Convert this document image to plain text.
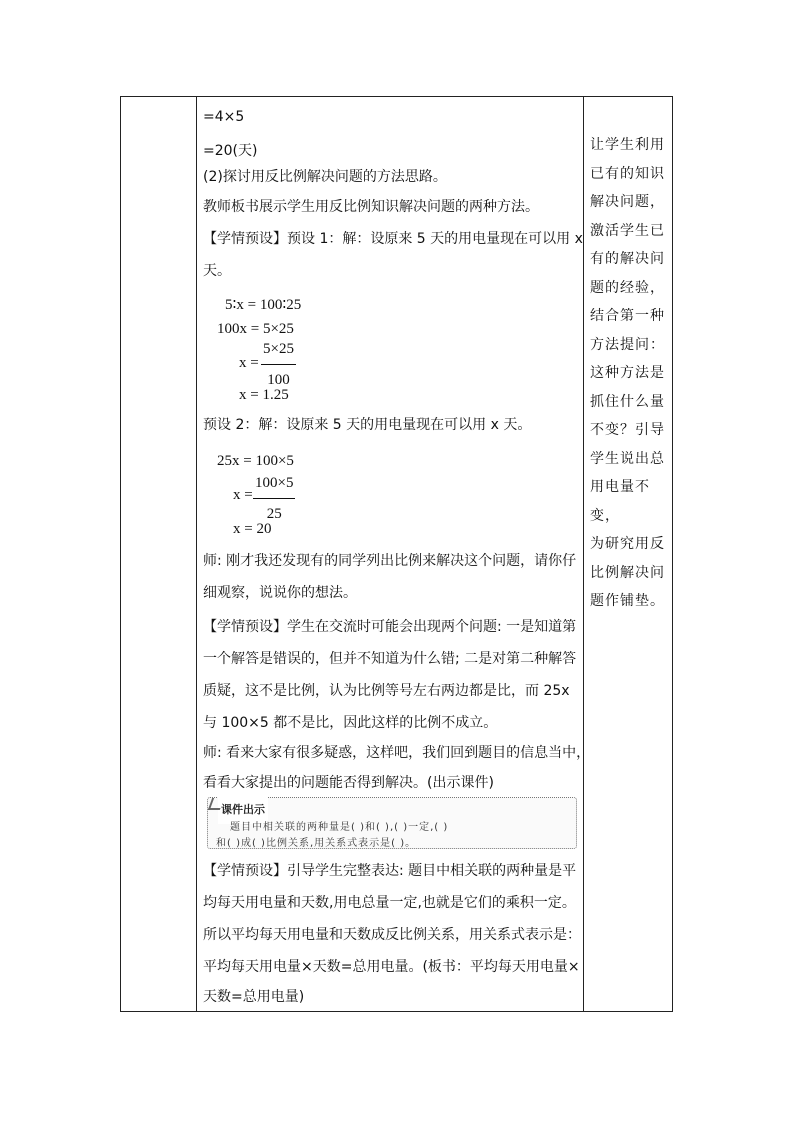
=4×5
=20(天)
(2)探讨用反比例解决问题的方法思路。
教师板书展示学生用反比例知识解决问题的两种方法。
【学情预设】预设 1：解：设原来 5 天的用电量现在可以用 x
天。
5∶x = 100∶25
100x = 5×25
x =
5×25
100
x = 1.25
预设 2：解：设原来 5 天的用电量现在可以用 x 天。
25x = 100×5
x =
100×5
25
x = 20
师: 刚才我还发现有的同学列出比例来解决这个问题，请你仔
细观察，说说你的想法。
【学情预设】学生在交流时可能会出现两个问题: 一是知道第
一个解答是错误的，但并不知道为什么错; 二是对第二种解答
质疑，这不是比例，认为比例等号左右两边都是比，而 25x
与 100×5 都不是比，因此这样的比例不成立。
师: 看来大家有很多疑惑，这样吧，我们回到题目的信息当中，
看看大家提出的问题能否得到解决。(出示课件)
课件出示
题目中相关联的两种量是( )和( ),( )一定,( )
和( )成( )比例关系,用关系式表示是( )。
【学情预设】引导学生完整表达: 题目中相关联的两种量是平
均每天用电量和天数,用电总量一定,也就是它们的乘积一定。
所以平均每天用电量和天数成反比例关系，用关系式表示是：
平均每天用电量×天数=总用电量。(板书：平均每天用电量×
天数=总用电量)
让学生利用
已有的知识
解决问题，
激活学生已
有的解决问
题的经验，
结合第一种
方法提问：
这种方法是
抓住什么量
不变？引导
学生说出总
用电量不变，
为研究用反
比例解决问
题作铺垫。
